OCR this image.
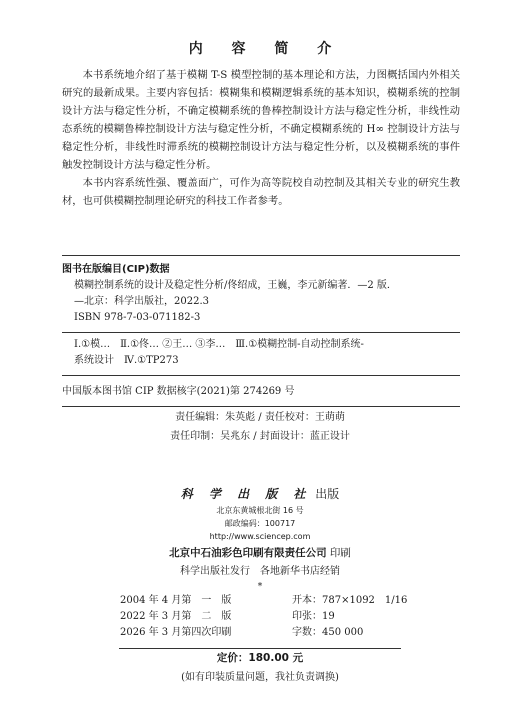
内 容 简 介

本书系统地介绍了基于模糊 T-S 模型控制的基本理论和方法，力图概括国内外相关研究的最新成果。主要内容包括：模糊集和模糊逻辑系统的基本知识，模糊系统的控制设计方法与稳定性分析，不确定模糊系统的鲁棒控制设计方法与稳定性分析，非线性动态系统的模糊鲁棒控制设计方法与稳定性分析，不确定模糊系统的 H∞ 控制设计方法与稳定性分析，非线性时滞系统的模糊控制设计方法与稳定性分析，以及模糊系统的事件触发控制设计方法与稳定性分析。

本书内容系统性强、覆盖面广，可作为高等院校自动控制及其相关专业的研究生教材，也可供模糊控制理论研究的科技工作者参考。

图书在版编目(CIP)数据
模糊控制系统的设计及稳定性分析/佟绍成，王巍，李元新编著．—2 版．
—北京：科学出版社，2022.3
ISBN 978-7-03-071182-3
Ⅰ.①模…　Ⅱ.①佟… ②王… ③李…　Ⅲ.①模糊控制-自动控制系统-
系统设计　Ⅳ.①TP273
中国版本图书馆 CIP 数据核字(2021)第 274269 号
责任编辑：朱英彪 / 责任校对：王萌萌
责任印制：吴兆东 / 封面设计：蓝正设计
科 学 出 版 社 出版
北京东黄城根北街 16 号
邮政编码：100717
http://www.sciencep.com
北京中石油彩色印刷有限责任公司 印刷
科学出版社发行　各地新华书店经销
*
2004 年 4 月第　一　版	开本：787×1092　1/16
2022 年 3 月第　二　版	印张：19
2026 年 3 月第四次印刷	字数：450 000
定价：180.00 元
(如有印装质量问题，我社负责调换)
